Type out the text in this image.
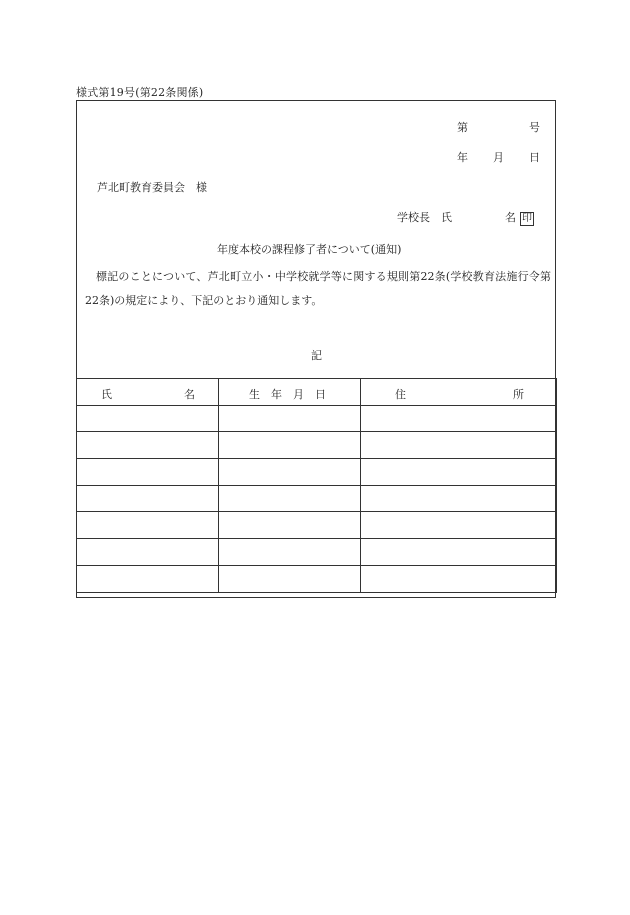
様式第19号(第22条関係)
第	号
年 月 日
芦北町教育委員会　様
学校長　氏	名 印
年度本校の課程修了者について(通知)
標記のことについて、芦北町立小・中学校就学等に関する規則第22条(学校教育法施行令第22条)の規定により、下記のとおり通知します。
記
氏 名	生　年　月　日	住 所
